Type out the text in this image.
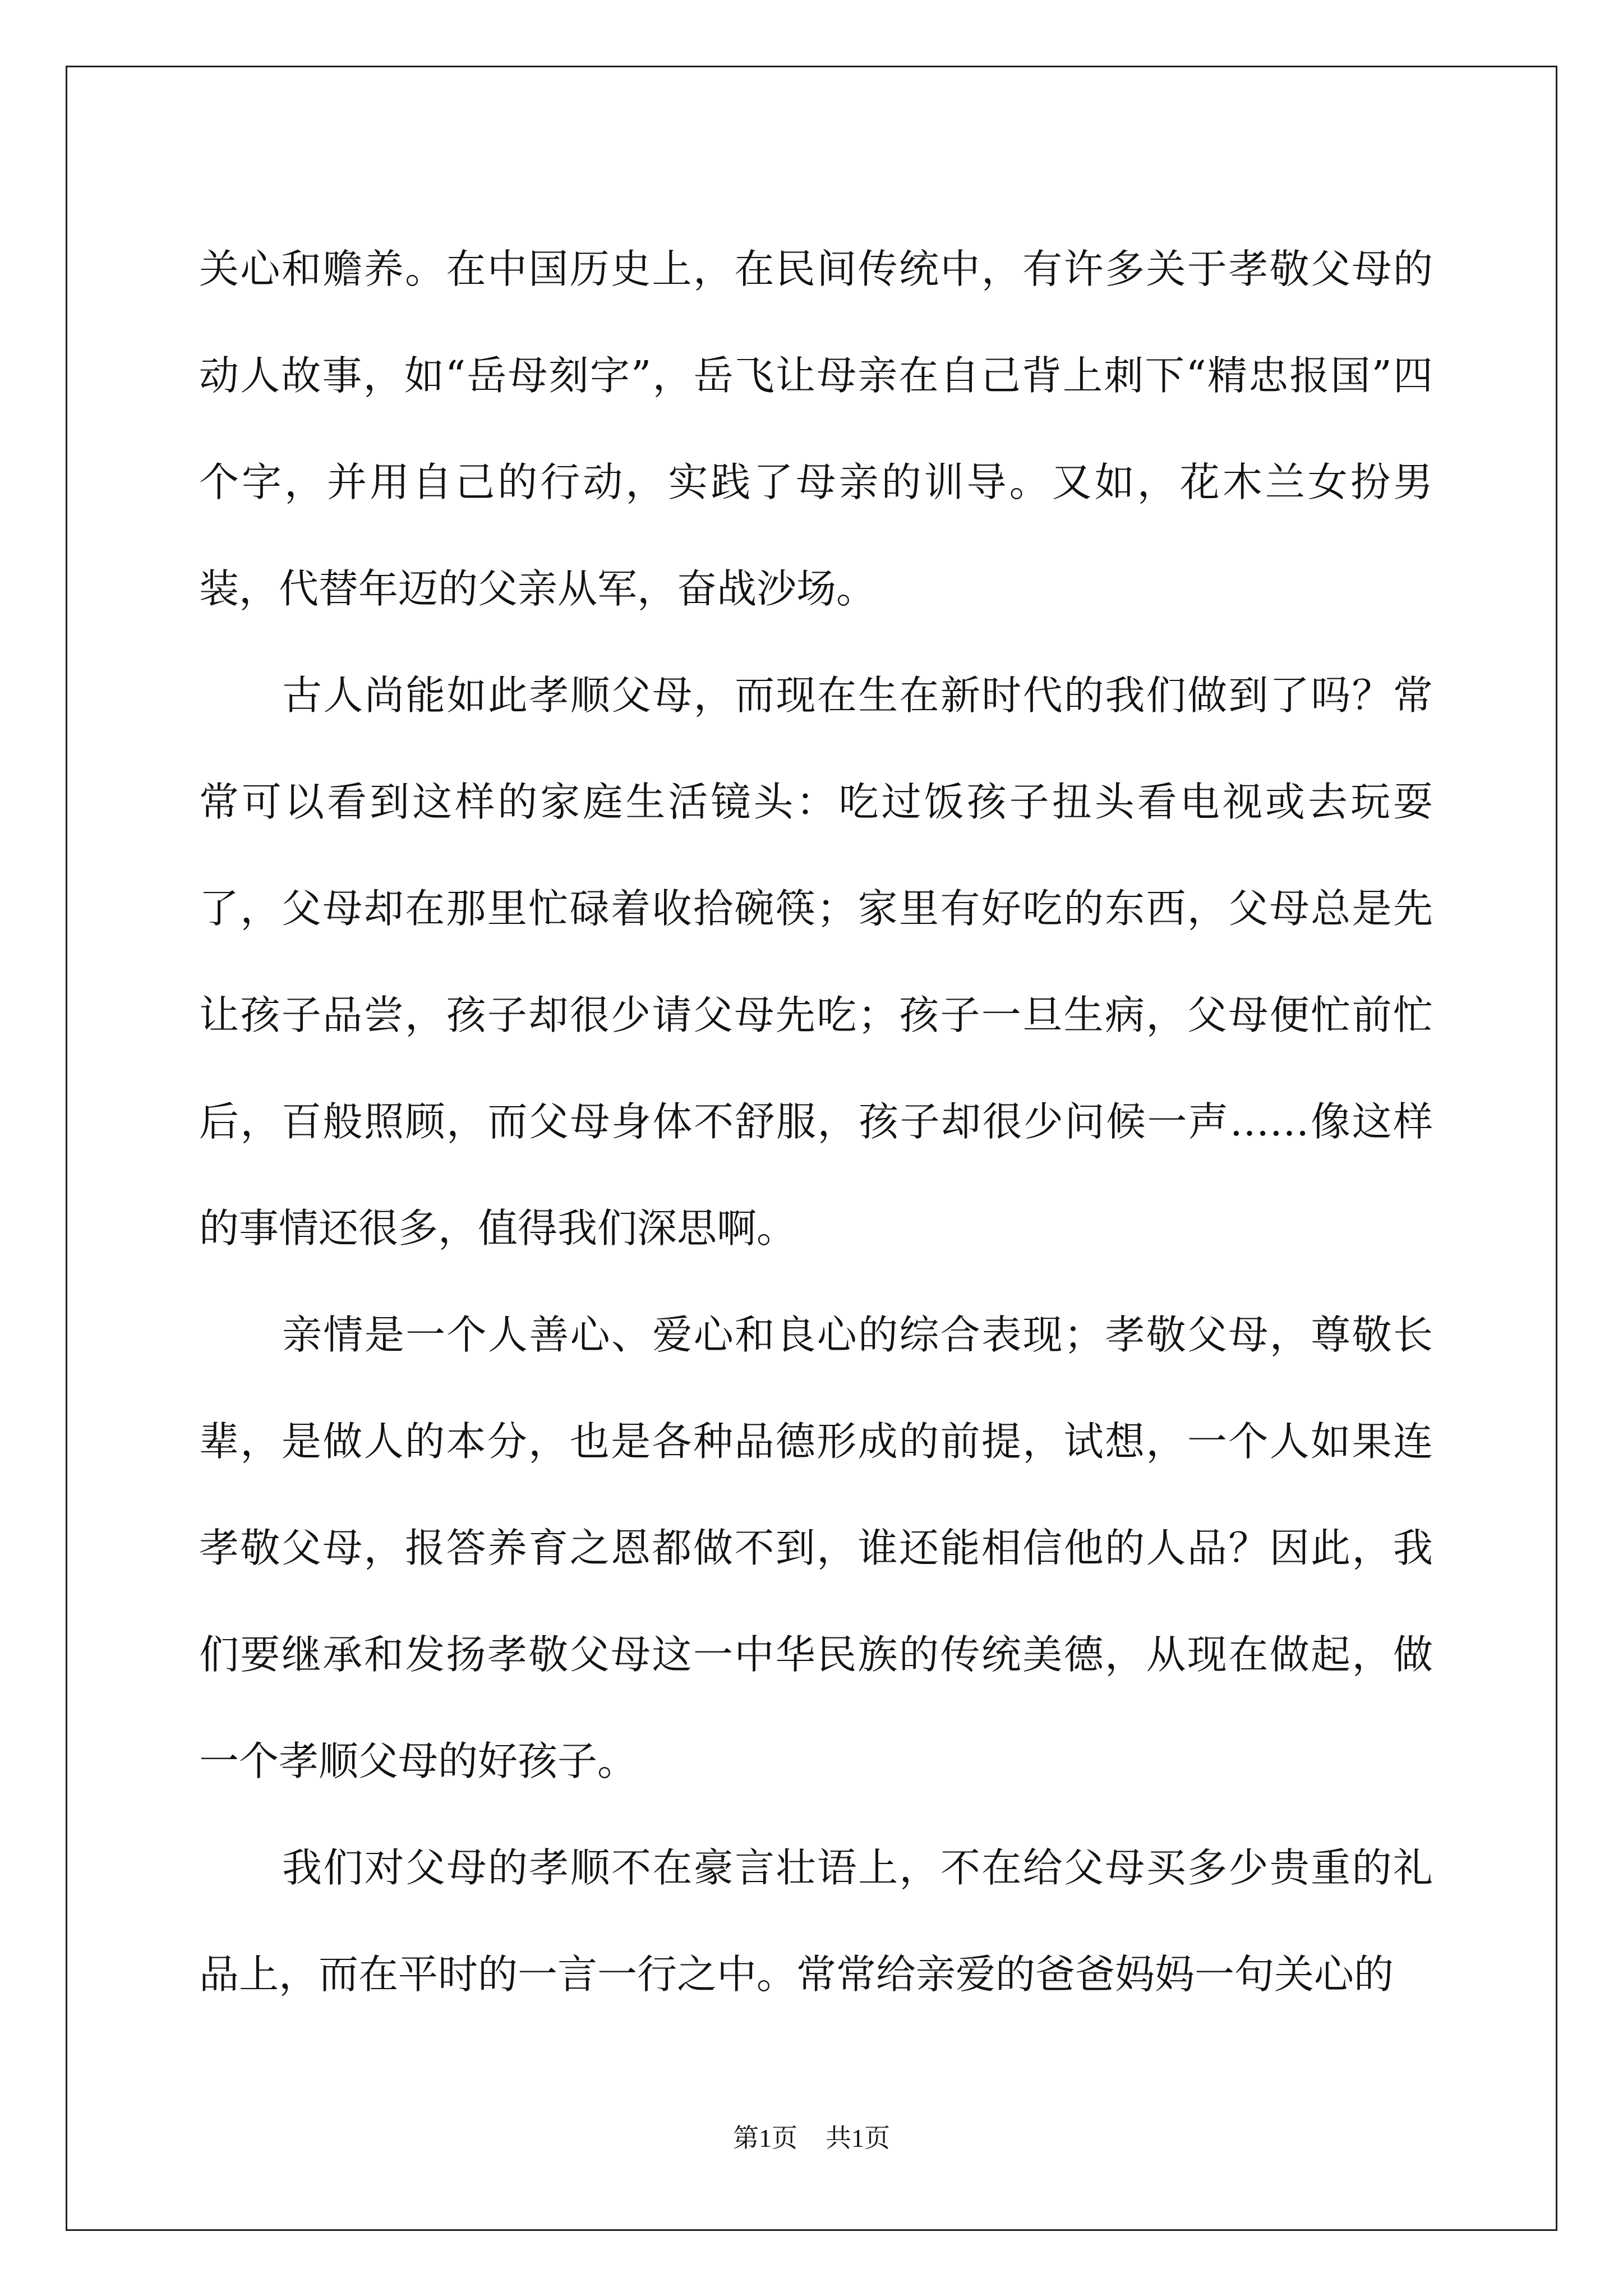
关心和赡养。在中国历史上，在民间传统中，有许多关于孝敬父母的动人故事，如“岳母刻字”，岳飞让母亲在自己背上刺下“精忠报国”四个字，并用自己的行动，实践了母亲的训导。又如，花木兰女扮男装，代替年迈的父亲从军，奋战沙场。

古人尚能如此孝顺父母，而现在生在新时代的我们做到了吗？常常可以看到这样的家庭生活镜头：吃过饭孩子扭头看电视或去玩耍了，父母却在那里忙碌着收拾碗筷；家里有好吃的东西，父母总是先让孩子品尝，孩子却很少请父母先吃；孩子一旦生病，父母便忙前忙后，百般照顾，而父母身体不舒服，孩子却很少问候一声……像这样的事情还很多，值得我们深思啊。

亲情是一个人善心、爱心和良心的综合表现；孝敬父母，尊敬长辈，是做人的本分，也是各种品德形成的前提，试想，一个人如果连孝敬父母，报答养育之恩都做不到，谁还能相信他的人品？因此，我们要继承和发扬孝敬父母这一中华民族的传统美德，从现在做起，做一个孝顺父母的好孩子。

我们对父母的孝顺不在豪言壮语上，不在给父母买多少贵重的礼品上，而在平时的一言一行之中。常常给亲爱的爸爸妈妈一句关心的

第1页 共1页
